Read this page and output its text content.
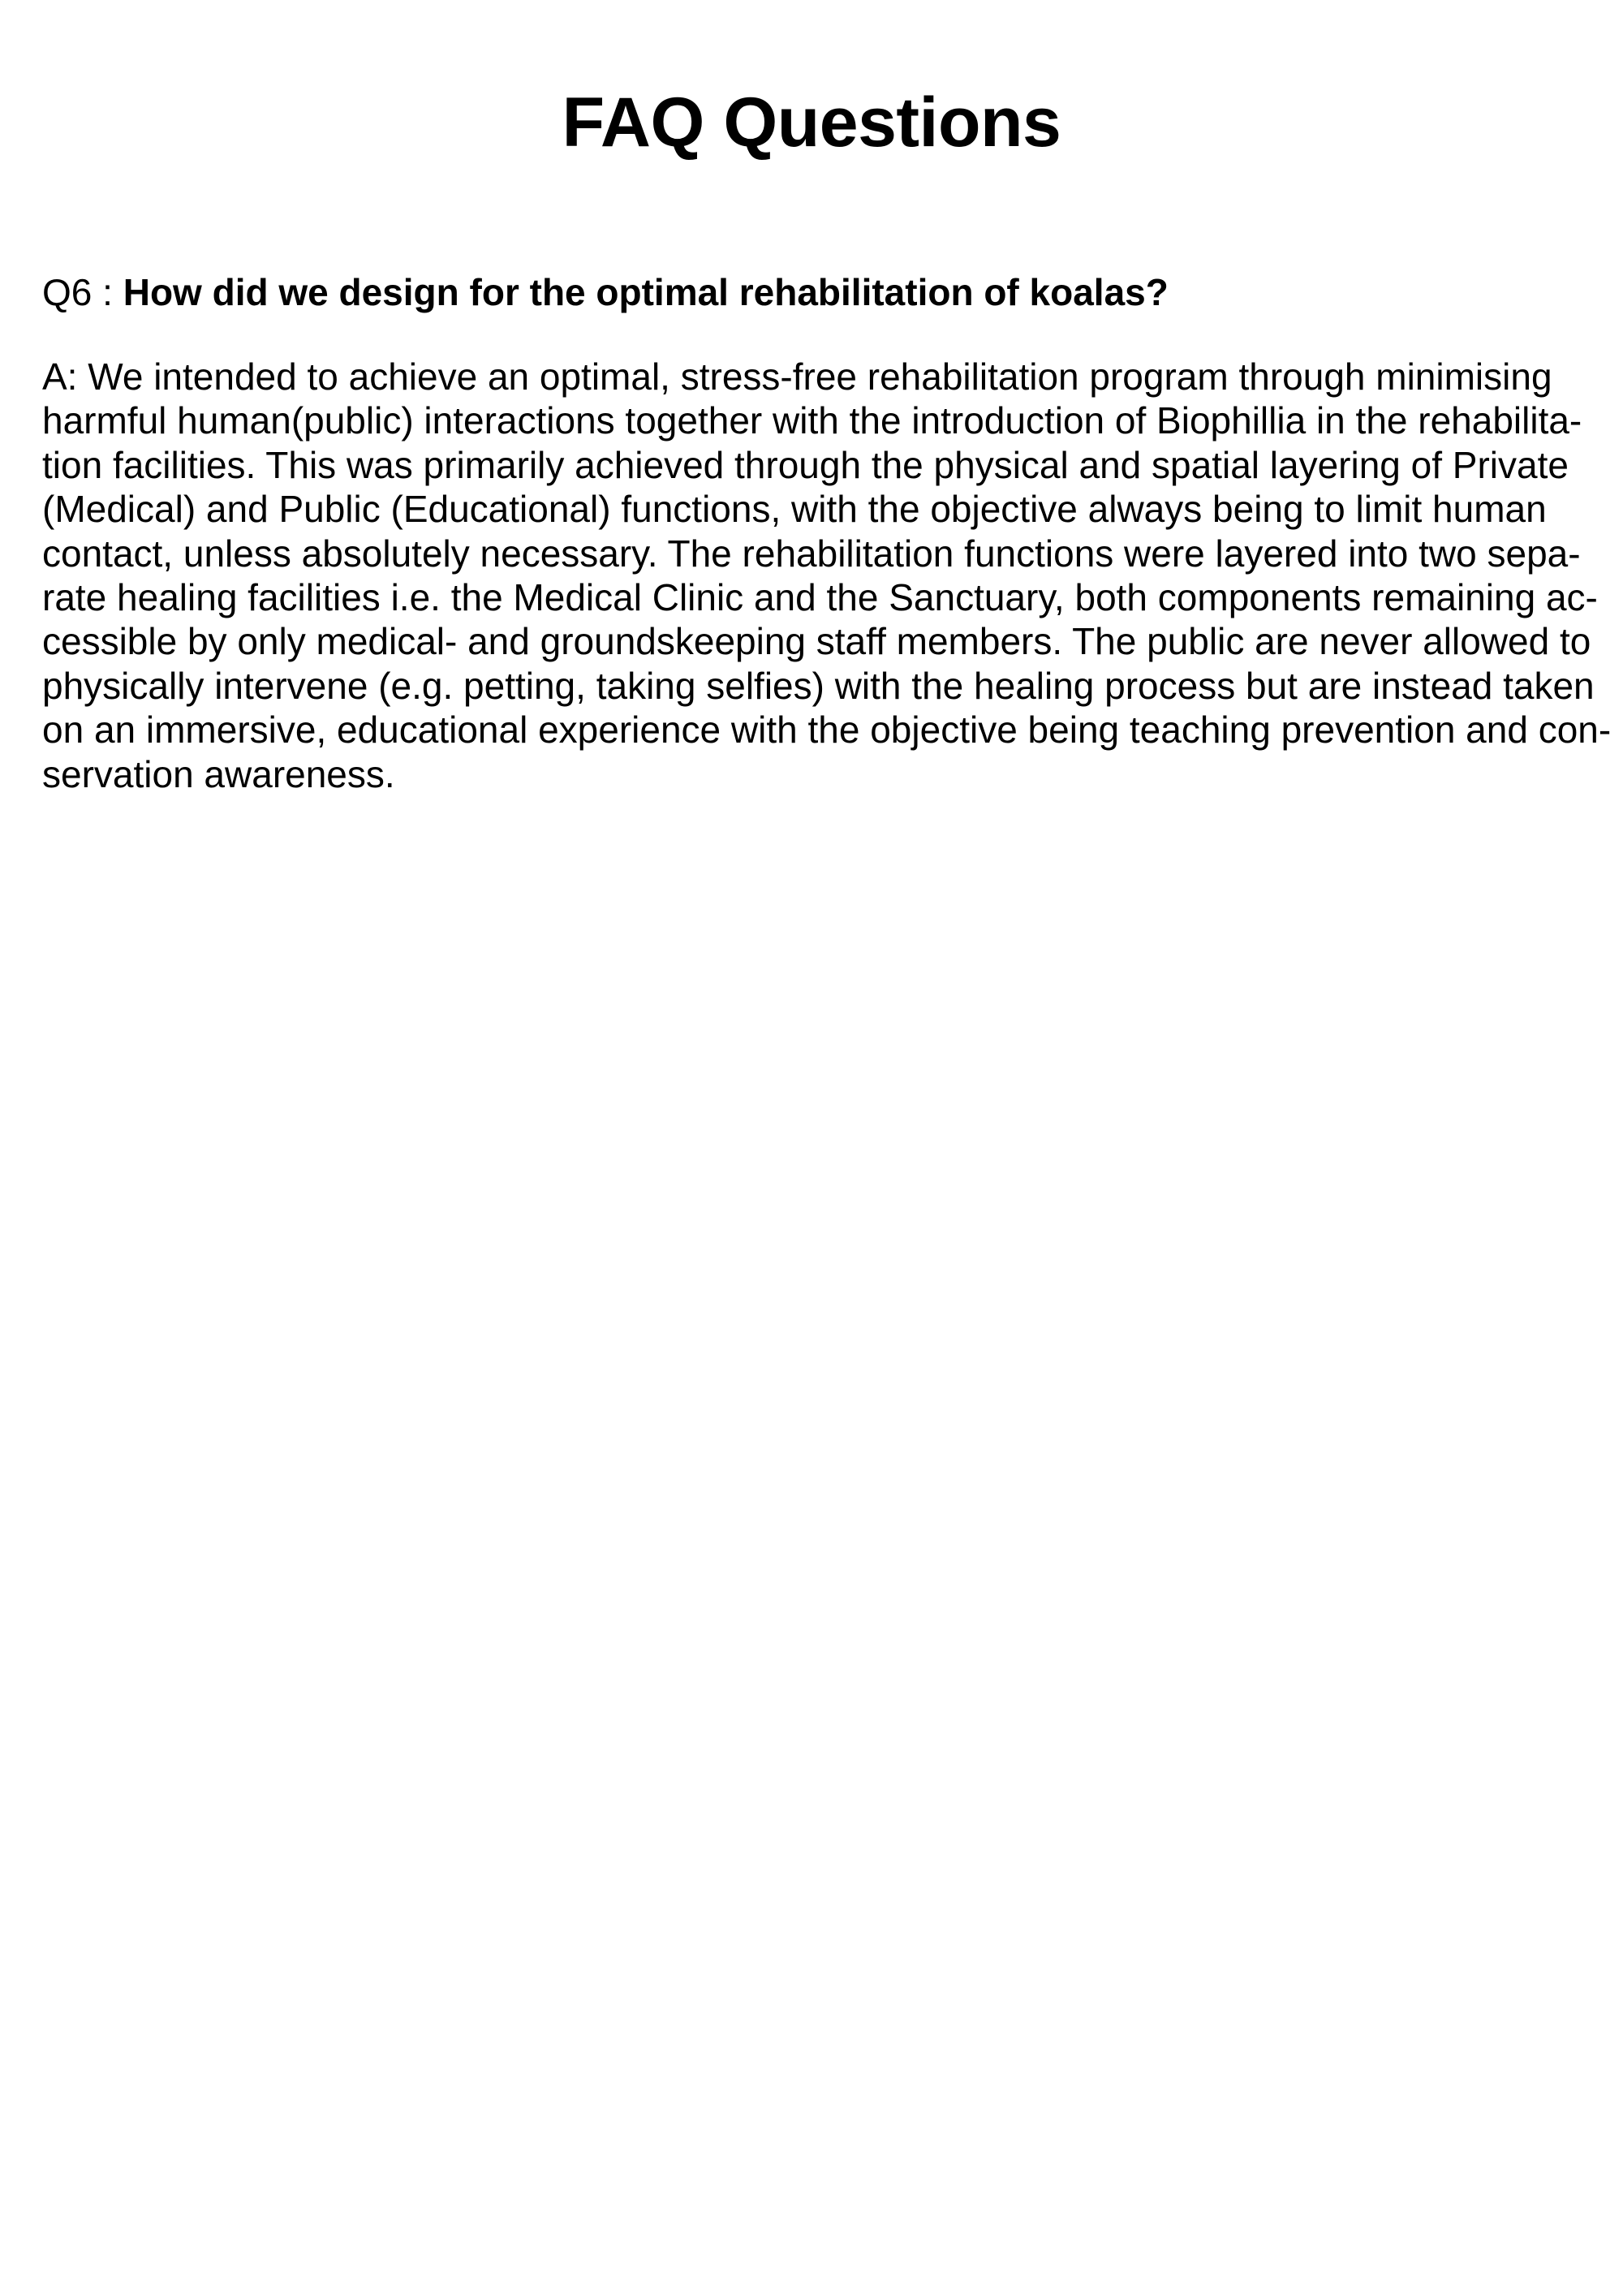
FAQ Questions

Q6 : How did we design for the optimal rehabilitation of koalas?

A: We intended to achieve an optimal, stress-free rehabilitation program through minimising
harmful human(public) interactions together with the introduction of Biophillia in the rehabilita-
tion facilities. This was primarily achieved through the physical and spatial layering of Private
(Medical) and Public (Educational) functions, with the objective always being to limit human
contact, unless absolutely necessary. The rehabilitation functions were layered into two sepa-
rate healing facilities i.e. the Medical Clinic and the Sanctuary, both components remaining ac-
cessible by only medical- and groundskeeping staff members. The public are never allowed to
physically intervene (e.g. petting, taking selfies) with the healing process but are instead taken
on an immersive, educational experience with the objective being teaching prevention and con-
servation awareness.
